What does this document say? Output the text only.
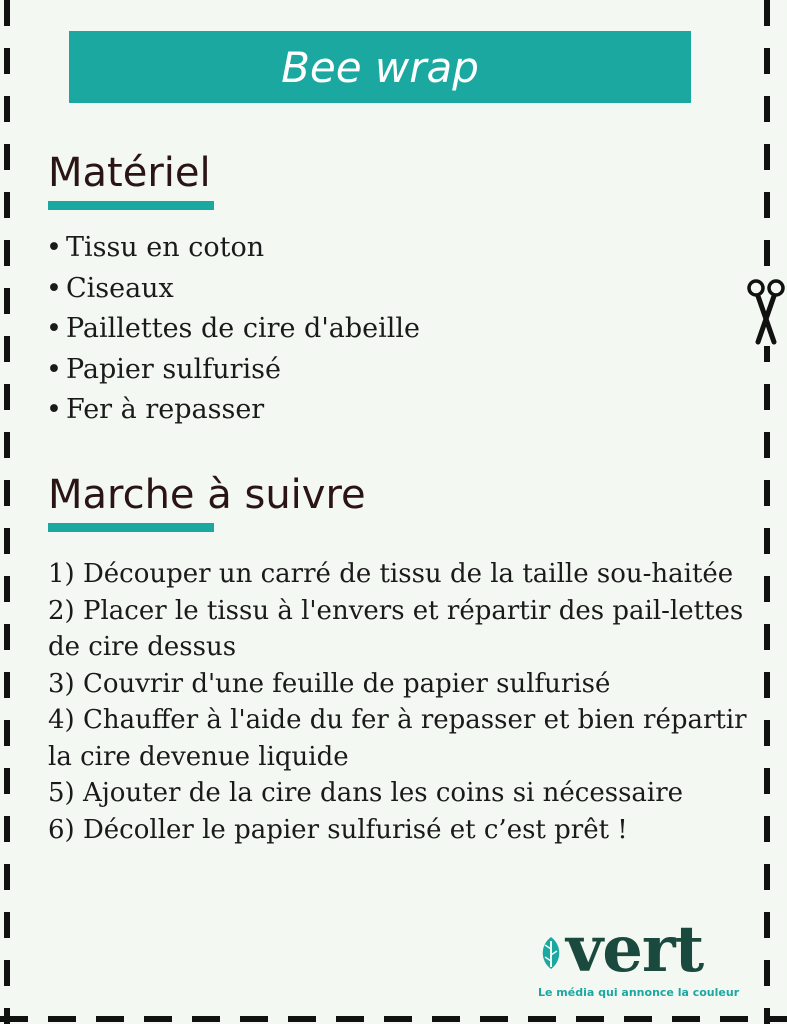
Bee wrap
Matériel
• Tissu en coton
• Ciseaux
• Paillettes de cire d'abeille
• Papier sulfurisé
• Fer à repasser
Marche à suivre

1) Découper un carré de tissu de la taille sou-haitée

2) Placer le tissu à l'envers et répartir des pail-lettes de cire dessus

3) Couvrir d'une feuille de papier sulfurisé

4) Chauffer à l'aide du fer à repasser et bien répartir la cire devenue liquide

5) Ajouter de la cire dans les coins si nécessaire

6) Décoller le papier sulfurisé et c’est prêt !

vert
Le média qui annonce la couleur
